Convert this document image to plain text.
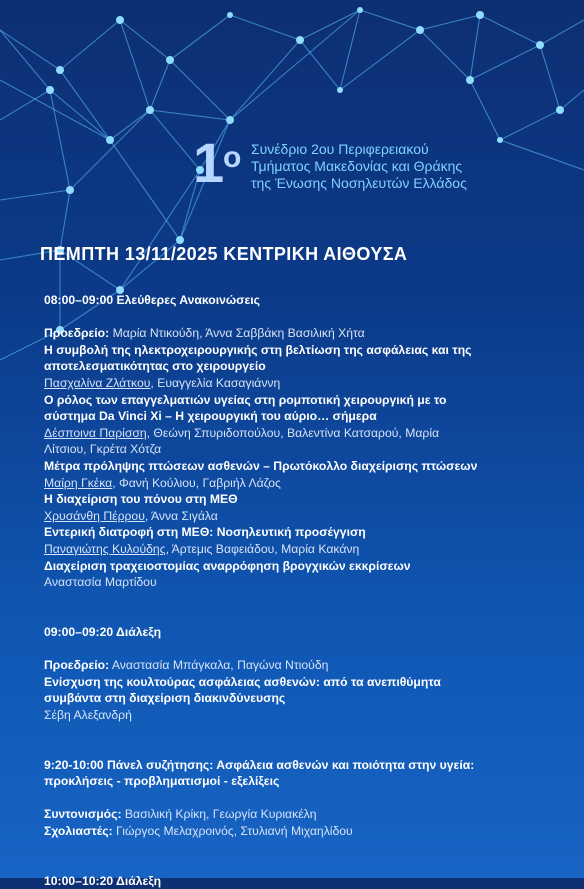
1
ο Συνέδριο 2ου Περιφερειακού
Τμήματος Μακεδονίας και Θράκης
της Ένωσης Νοσηλευτών Ελλάδος
ΠΕΜΠΤΗ 13/11/2025 ΚΕΝΤΡΙΚΗ ΑΙΘΟΥΣΑ
08:00–09:00 Ελεύθερες Ανακοινώσεις
Προεδρείο: Μαρία Ντικούδη, Άννα Σαββάκη Βασιλική Χήτα
Η συμβολή της ηλεκτροχειρουργικής στη βελτίωση της ασφάλειας και της
αποτελεσματικότητας στο χειρουργείο
Πασχαλίνα Ζλάτκου, Ευαγγελία Κασαγιάννη
Ο ρόλος των επαγγελματιών υγείας στη ρομποτική χειρουργική με το
σύστημα Da Vinci Xi – Η χειρουργική του αύριο… σήμερα
Δέσποινα Παρίσση, Θεώνη Σπυριδοπούλου, Βαλεντίνα Κατσαρού, Μαρία
Λίτσιου, Γκρέτα Χότζα
Μέτρα πρόληψης πτώσεων ασθενών – Πρωτόκολλο διαχείρισης πτώσεων
Μαίρη Γκέκα, Φανή Κούλιου, Γαβριήλ Λάζος
Η διαχείριση του πόνου στη ΜΕΘ
Χρυσάνθη Πέρρου, Άννα Σιγάλα
Εντερική διατροφή στη ΜΕΘ: Νοσηλευτική προσέγγιση
Παναγιώτης Κυλούδης, Άρτεμις Βαφειάδου, Μαρία Κακάνη
Διαχείριση τραχειοστομίας αναρρόφηση βρογχικών εκκρίσεων
Αναστασία Μαρτίδου
09:00–09:20 Διάλεξη
Προεδρείο: Αναστασία Μπάγκαλα, Παγώνα Ντιούδη
Ενίσχυση της κουλτούρας ασφάλειας ασθενών: από τα ανεπιθύμητα
συμβάντα στη διαχείριση διακινδύνευσης
Σέβη Αλεξανδρή
9:20-10:00 Πάνελ συζήτησης: Ασφάλεια ασθενών και ποιότητα στην υγεία:
προκλήσεις - προβληματισμοί - εξελίξεις
Συντονισμός: Βασιλική Κρίκη, Γεωργία Κυριακέλη
Σχολιαστές: Γιώργος Μελαχροινός, Στυλιανή Μιχαηλίδου
10:00–10:20 Διάλεξη
